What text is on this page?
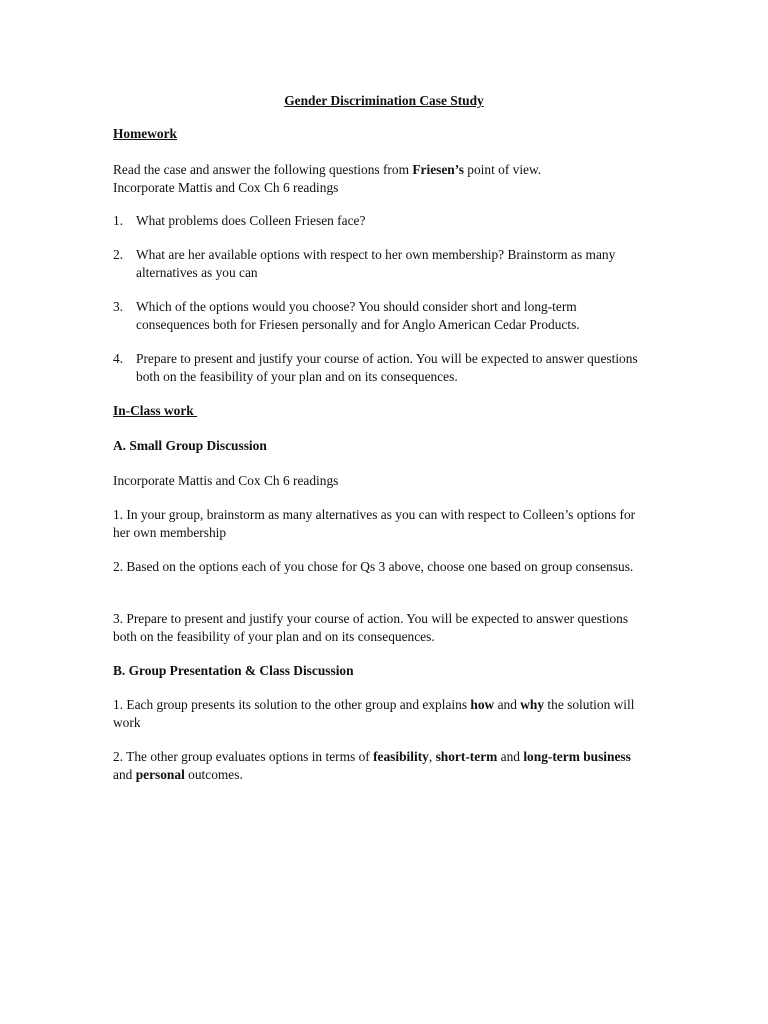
Gender Discrimination Case Study

Homework

Read the case and answer the following questions from Friesen’s point of view.
Incorporate Mattis and Cox Ch 6 readings

1. What problems does Colleen Friesen face?
2. What are her available options with respect to her own membership? Brainstorm as many alternatives as you can
3. Which of the options would you choose? You should consider short and long-term consequences both for Friesen personally and for Anglo American Cedar Products.
4. Prepare to present and justify your course of action. You will be expected to answer questions both on the feasibility of your plan and on its consequences.

In-Class work

A. Small Group Discussion

Incorporate Mattis and Cox Ch 6 readings

1. In your group, brainstorm as many alternatives as you can with respect to Colleen’s options for her own membership

2. Based on the options each of you chose for Qs 3 above, choose one based on group consensus.

3. Prepare to present and justify your course of action. You will be expected to answer questions both on the feasibility of your plan and on its consequences.

B. Group Presentation & Class Discussion

1. Each group presents its solution to the other group and explains how and why the solution will work

2. The other group evaluates options in terms of feasibility, short-term and long-term business and personal outcomes.
